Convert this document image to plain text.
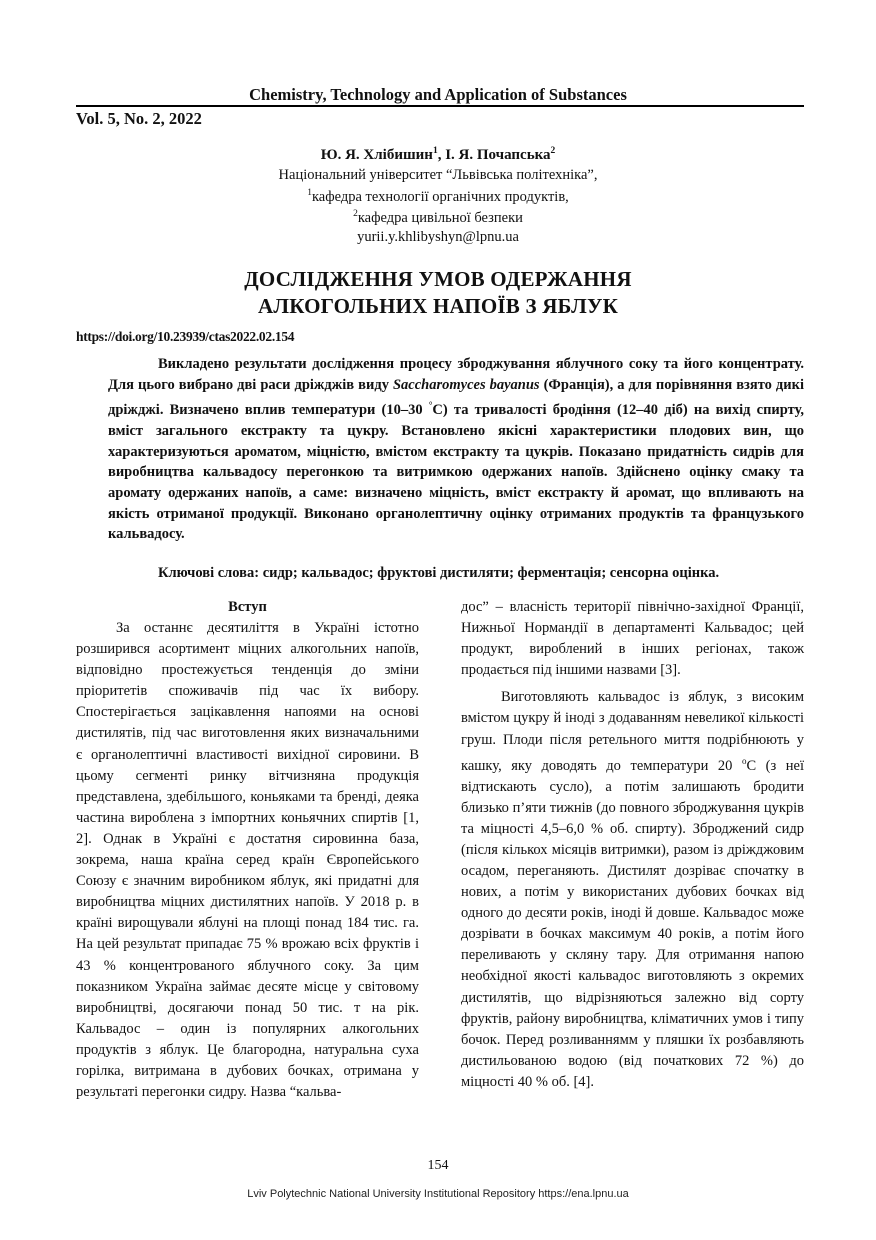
Chemistry, Technology and Application of Substances
Vol. 5, No. 2, 2022
Ю. Я. Хлібишин$^1$, І. Я. Почапська$^2$
Національний університет “Львівська політехніка”,
$^1$кафедра технології органічних продуктів,
$^2$кафедра цивільної безпеки
yurii.y.khlibyshyn@lpnu.ua
ДОСЛІДЖЕННЯ УМОВ ОДЕРЖАННЯ
АЛКОГОЛЬНИХ НАПОЇВ З ЯБЛУК
https://doi.org/10.23939/ctas2022.02.154

Викладено результати дослідження процесу зброджування яблучного соку та його концентрату. Для цього вибрано дві раси дріжджів виду Saccharomyces bayanus (Франція), а для порівняння взято дикі дріжджі. Визначено вплив температури (10–30 °С) та тривалості бродіння (12–40 діб) на вихід спирту, вміст загального екстракту та цукру. Встановлено якісні характеристики плодових вин, що характеризуються ароматом, міцністю, вмістом екстракту та цукрів. Показано придатність сидрів для виробництва кальвадосу перегонкою та витримкою одержаних напоїв. Здійснено оцінку смаку та аромату одержаних напоїв, а саме: визначено міцність, вміст екстракту й аромат, що впливають на якість отриманої продукції. Виконано органолептичну оцінку отриманих продуктів та французького кальвадосу.

Ключові слова: сидр; кальвадос; фруктові дистиляти; ферментація; сенсорна оцінка.
Вступ

За останнє десятиліття в Україні істотно розширився асортимент міцних алкогольних напоїв, відповідно простежується тенденція до зміни пріоритетів споживачів під час їх вибору. Спостерігається зацікавлення напоями на основі дистилятів, під час виготовлення яких визначальними є органолептичні властивості вихідної сировини. В цьому сегменті ринку вітчизняна продукція представлена, здебільшого, коньяками та бренді, деяка частина вироблена з імпортних коньячних спиртів [1, 2]. Однак в Україні є достатня сировинна база, зокрема, наша країна серед країн Європейського Союзу є значним виробником яблук, які придатні для виробництва міцних дистилятних напоїв. У 2018 р. в країні вирощували яблуні на площі понад 184 тис. га. На цей результат припадає 75 % врожаю всіх фруктів і 43 % концентрованого яблучного соку. За цим показником Україна займає десяте місце у світовому виробництві, досягаючи понад 50 тис. т на рік. Кальвадос – один із популярних алкогольних продуктів з яблук. Це благородна, натуральна суха горілка, витримана в дубових бочках, отримана у результаті перегонки сидру. Назва “кальва-

дос” – власність території північно-західної Франції, Нижньої Нормандії в департаменті Кальвадос; цей продукт, вироблений в інших регіонах, також продається під іншими назвами [3].

Виготовляють кальвадос із яблук, з високим вмістом цукру й іноді з додаванням невеликої кількості груш. Плоди після ретельного миття подрібнюють у кашку, яку доводять до температури 20 $^o$С (з неї відтискають сусло), а потім залишають бродити близько п’яти тижнів (до повного зброджування цукрів та міцності 4,5–6,0 % об. спирту). Зброджений сидр (після кількох місяців витримки), разом із дріжджовим осадом, переганяють. Дистилят дозріває спочатку в нових, а потім у використаних дубових бочках від одного до десяти років, іноді й довше. Кальвадос може дозрівати в бочках максимум 40 років, а потім його переливають у скляну тару. Для отримання напою необхідної якості кальвадос виготовляють з окремих дистилятів, що відрізняються залежно від сорту фруктів, району виробництва, кліматичних умов і типу бочок. Перед розливаннямм у пляшки їх розбавляють дистильованою водою (від початкових 72 %) до міцності 40 % об. [4].

154
Lviv Polytechnic National University Institutional Repository https://ena.lpnu.ua
